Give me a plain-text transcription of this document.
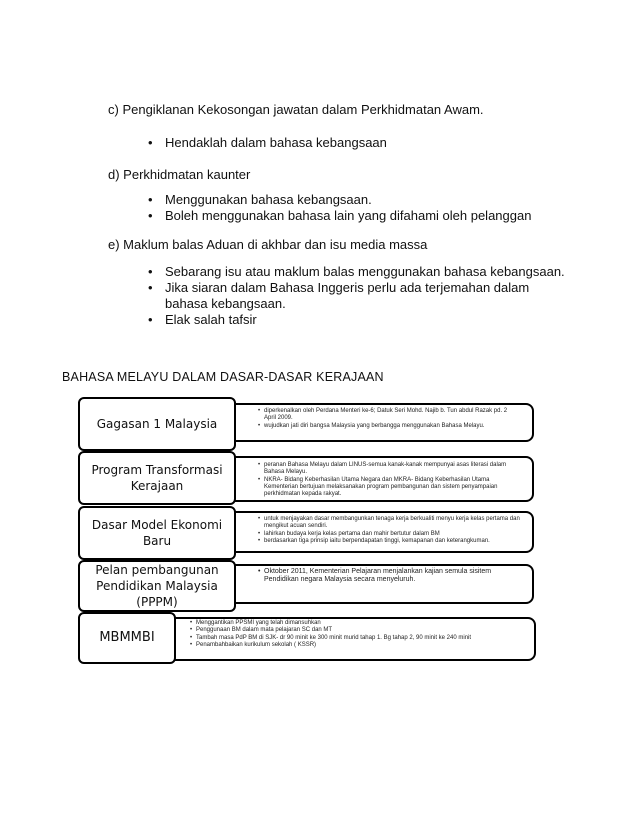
c) Pengiklanan Kekosongan jawatan dalam Perkhidmatan Awam.
• Hendaklah dalam bahasa kebangsaan
d) Perkhidmatan kaunter
• Menggunakan bahasa kebangsaan.
• Boleh menggunakan bahasa lain yang difahami oleh pelanggan
e) Maklum balas Aduan di akhbar dan isu media massa
• Sebarang isu atau maklum balas menggunakan bahasa kebangsaan.
• Jika siaran dalam Bahasa Inggeris perlu ada terjemahan dalam bahasa kebangsaan.
• Elak salah tafsir
BAHASA MELAYU DALAM DASAR-DASAR KERAJAAN
Gagasan 1 Malaysia
• diperkenalkan oleh Perdana Menteri ke-6; Datuk Seri Mohd. Najib b. Tun abdul Razak pd. 2 April 2009.
• wujudkan jati diri bangsa Malaysia yang berbangga menggunakan Bahasa Melayu.
Program Transformasi Kerajaan
• peranan Bahasa Melayu dalam LINUS-semua kanak-kanak mempunyai asas literasi dalam Bahasa Melayu.
• NKRA- Bidang Keberhasilan Utama Negara dan MKRA- Bidang Keberhasilan Utama Kementerian bertujuan melaksanakan program pembangunan dan sistem penyampaian perkhidmatan kepada rakyat.
Dasar Model Ekonomi Baru
• untuk menjayakan dasar membangunkan tenaga kerja berkualiti menyu kerja kelas pertama dan mengikut acuan sendiri.
• lahirkan budaya kerja kelas pertama dan mahir bertutur dalam BM
• berdasarkan tiga prinsip iaitu berpendapatan tinggi, kemapanan dan keterangkuman.
Pelan pembangunan Pendidikan Malaysia (PPPM)
• Oktober 2011, Kementerian Pelajaran menjalankan kajian semula sisitem Pendidikan negara Malaysia secara menyeluruh.
MBMMBI
• Menggantikan PPSMI yang telah dimansuhkan
• Penggunaan BM dalam mata pelajaran SC dan MT
• Tambah masa PdP BM di SJK- dr 90 minit ke 300 minit murid tahap 1. Bg tahap 2, 90 minit ke 240 minit
• Penambahbaikan kurikulum sekolah ( KSSR)
